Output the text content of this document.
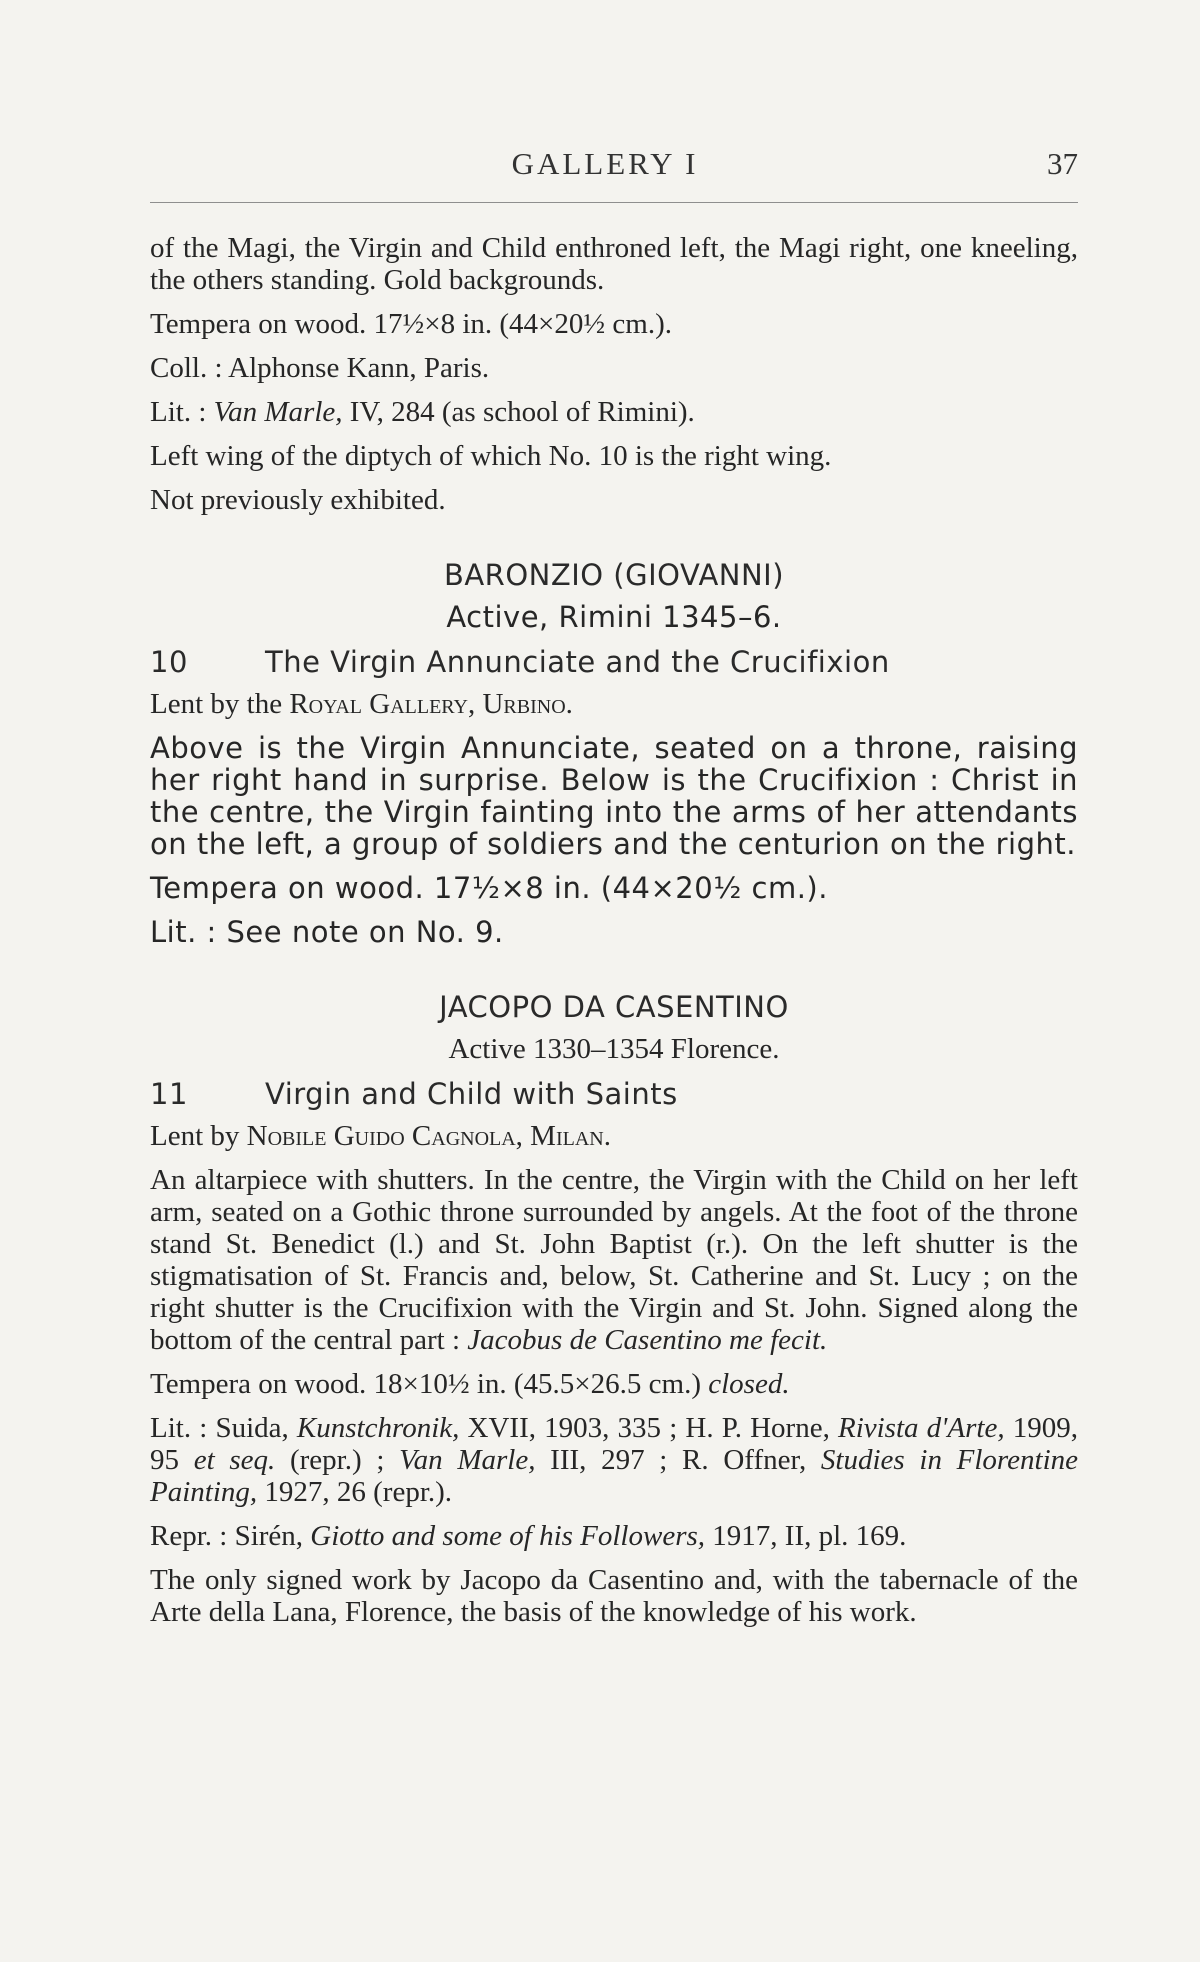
GALLERY I	37

of the Magi, the Virgin and Child enthroned left, the Magi right, one kneeling, the others standing. Gold backgrounds.

Tempera on wood. 17½×8 in. (44×20½ cm.).

Coll. : Alphonse Kann, Paris.

Lit. : Van Marle, IV, 284 (as school of Rimini).

Left wing of the diptych of which No. 10 is the right wing.

Not previously exhibited.

BARONZIO (GIOVANNI)
Active, Rimini 1345–6.
10	The Virgin Annunciate and the Crucifixion

Lent by the Royal Gallery, Urbino.

Above is the Virgin Annunciate, seated on a throne, raising her right hand in surprise. Below is the Crucifixion : Christ in the centre, the Virgin fainting into the arms of her attendants on the left, a group of soldiers and the centurion on the right.

Tempera on wood. 17½×8 in. (44×20½ cm.).

Lit. : See note on No. 9.

JACOPO DA CASENTINO
Active 1330–1354 Florence.
11	Virgin and Child with Saints

Lent by Nobile Guido Cagnola, Milan.

An altarpiece with shutters. In the centre, the Virgin with the Child on her left arm, seated on a Gothic throne surrounded by angels. At the foot of the throne stand St. Benedict (l.) and St. John Baptist (r.). On the left shutter is the stigmatisation of St. Francis and, below, St. Catherine and St. Lucy ; on the right shutter is the Crucifixion with the Virgin and St. John. Signed along the bottom of the central part : Jacobus de Casentino me fecit.

Tempera on wood. 18×10½ in. (45.5×26.5 cm.) closed.

Lit. : Suida, Kunstchronik, XVII, 1903, 335 ; H. P. Horne, Rivista d'Arte, 1909, 95 et seq. (repr.) ; Van Marle, III, 297 ; R. Offner, Studies in Florentine Painting, 1927, 26 (repr.).

Repr. : Sirén, Giotto and some of his Followers, 1917, II, pl. 169.

The only signed work by Jacopo da Casentino and, with the tabernacle of the Arte della Lana, Florence, the basis of the knowledge of his work.
